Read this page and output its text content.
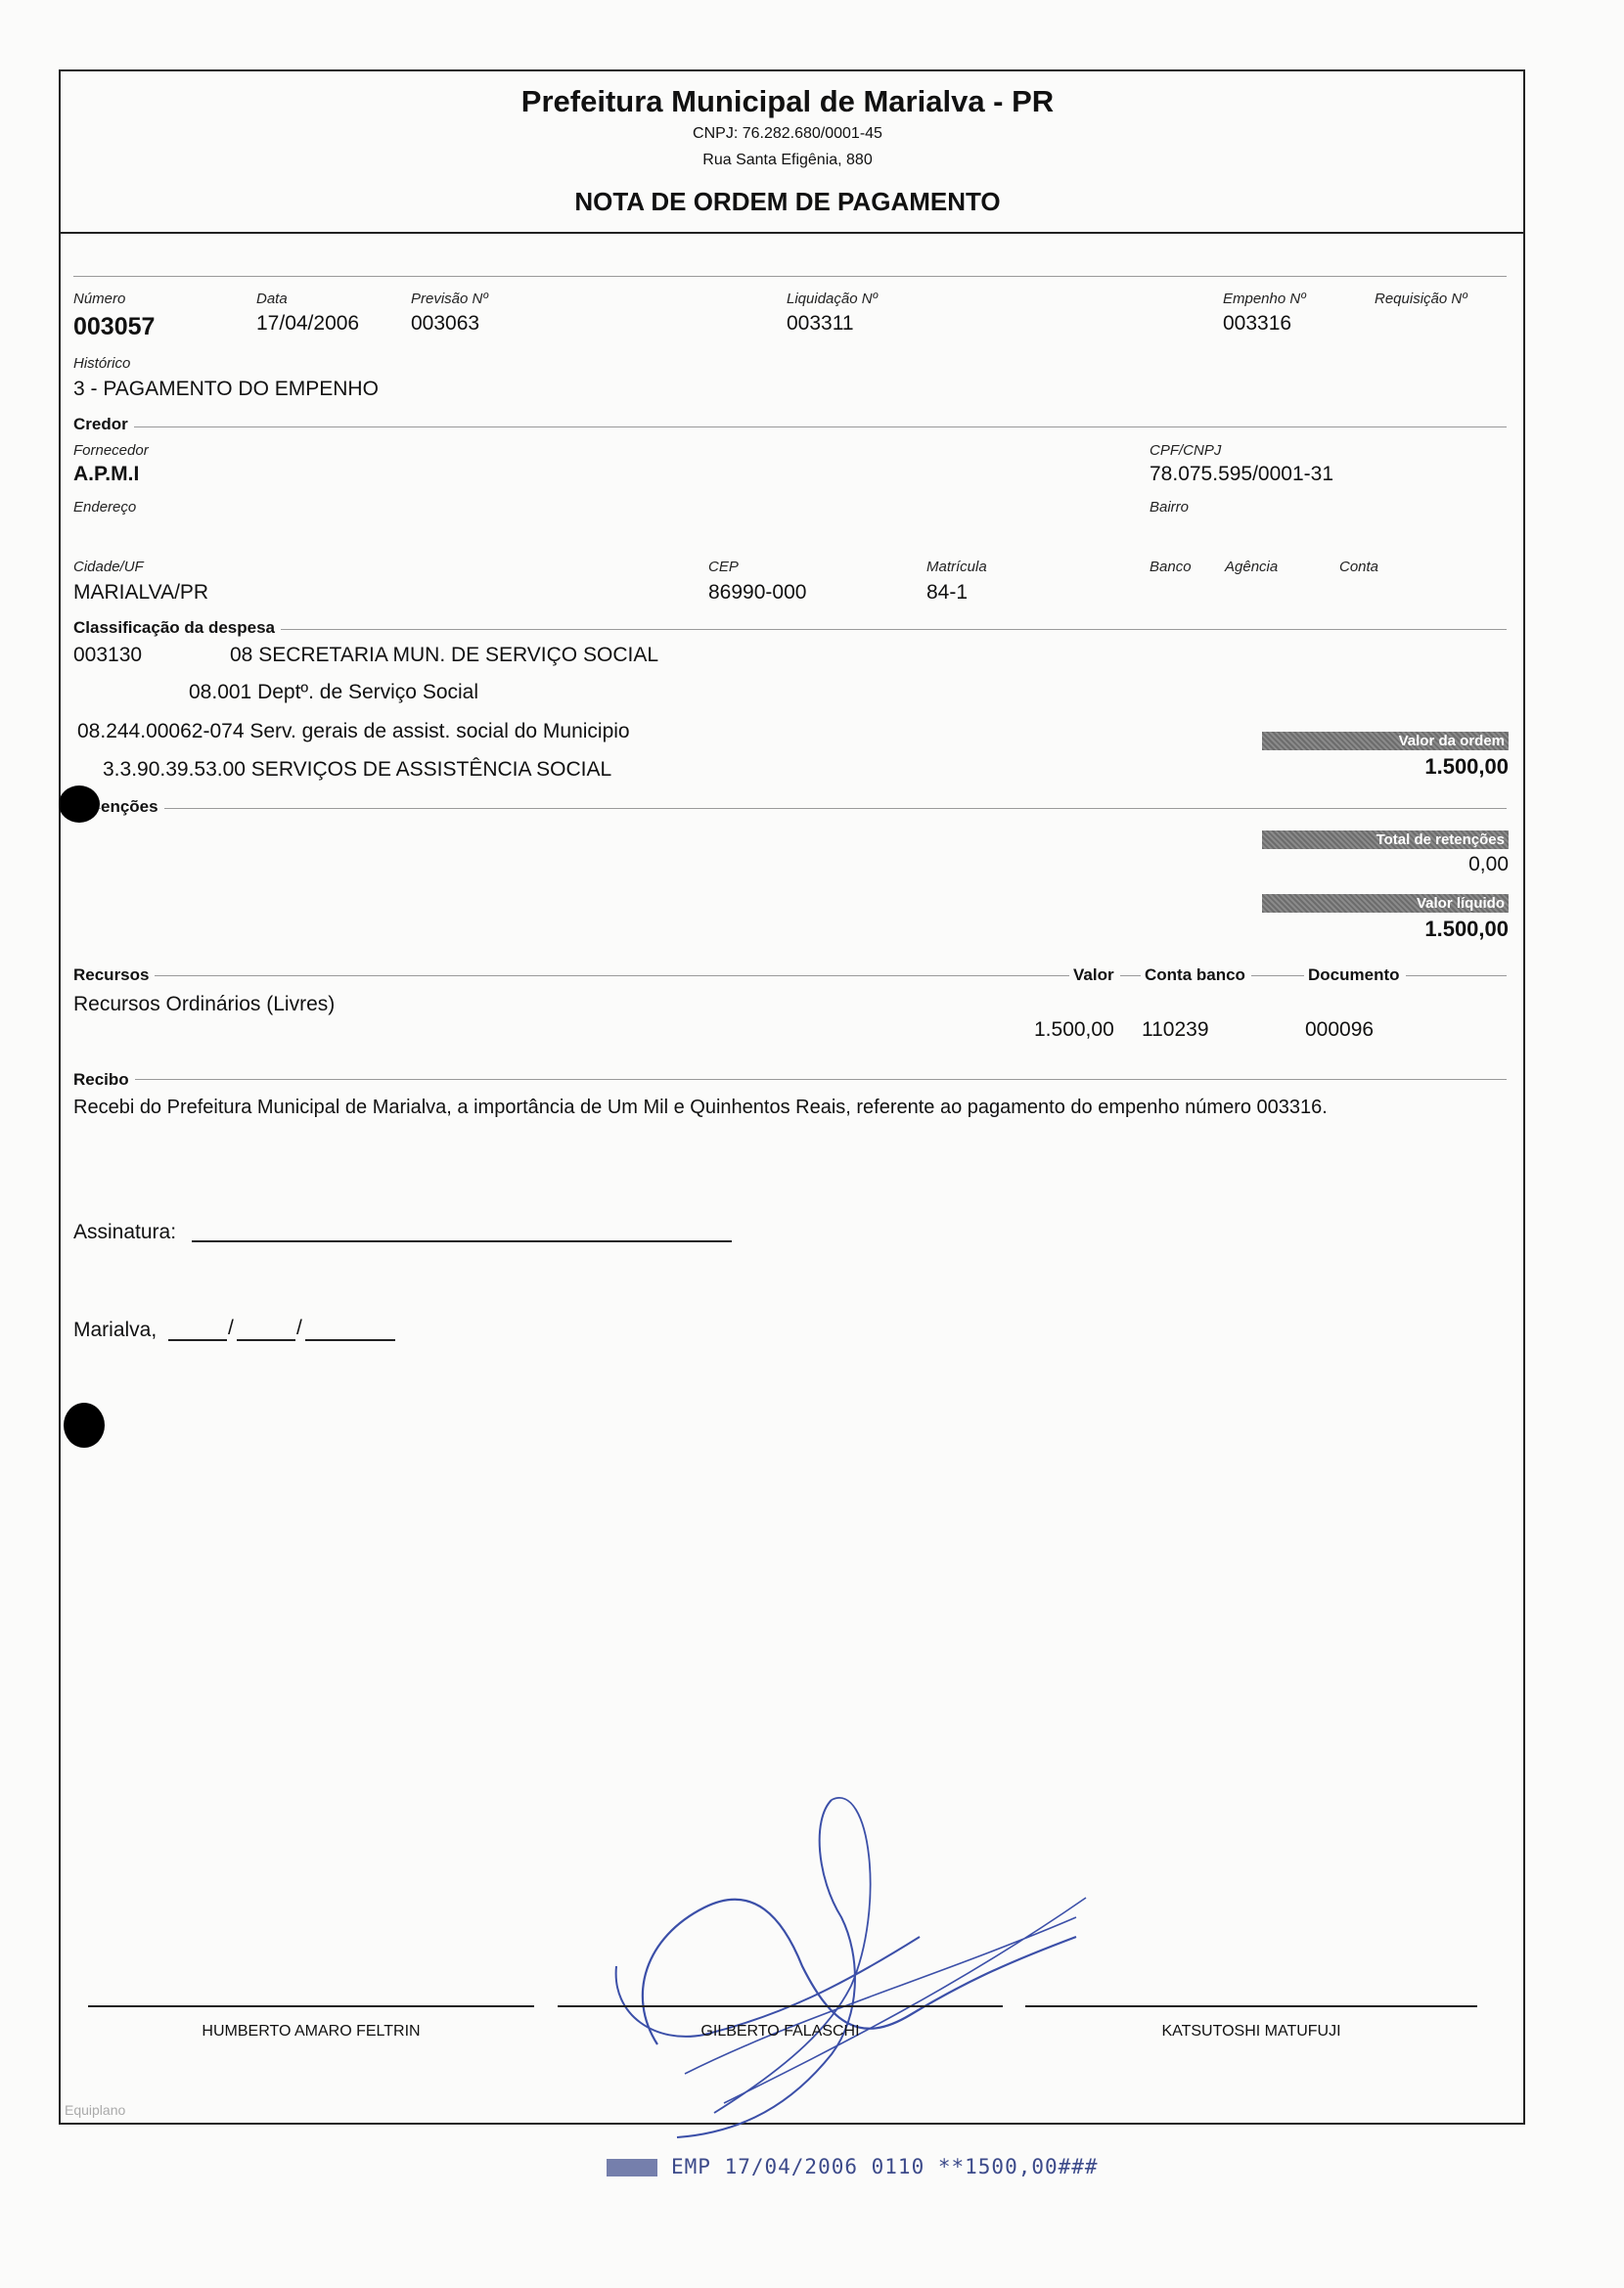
Prefeitura Municipal de Marialva - PR
CNPJ: 76.282.680/0001-45
Rua Santa Efigênia, 880
NOTA DE ORDEM DE PAGAMENTO
Número
003057
Data
17/04/2006
Previsão Nº
003063
Liquidação Nº
003311
Empenho Nº
003316
Requisição Nº
Histórico
3 - PAGAMENTO DO EMPENHO
Credor
Fornecedor
A.P.M.I
CPF/CNPJ
78.075.595/0001-31
Endereço	Bairro
Cidade/UF
MARIALVA/PR
CEP
86990-000
Matrícula
84-1
Banco Agência	Conta
Classificação da despesa
003130	08 SECRETARIA MUN. DE SERVIÇO SOCIAL
08.001 Deptº. de Serviço Social
08.244.00062-074 Serv. gerais de assist. social do Municipio
3.3.90.39.53.00 SERVIÇOS DE ASSISTÊNCIA SOCIAL
Valor da ordem
1.500,00
enções
Total de retenções
0,00
Valor líquido
1.500,00
Recursos	Valor	Conta banco	Documento
Recursos Ordinários (Livres)
1.500,00 110239	000096
Recibo
Recebi do Prefeitura Municipal de Marialva, a importância de Um Mil e Quinhentos Reais, referente ao pagamento do empenho número 003316.
Assinatura:
Marialva,	/	/
HUMBERTO AMARO FELTRIN	GILBERTO FALASCHI	KATSUTOSHI MATUFUJI
Equiplano
EMP 17/04/2006 0110 **1500,00###
